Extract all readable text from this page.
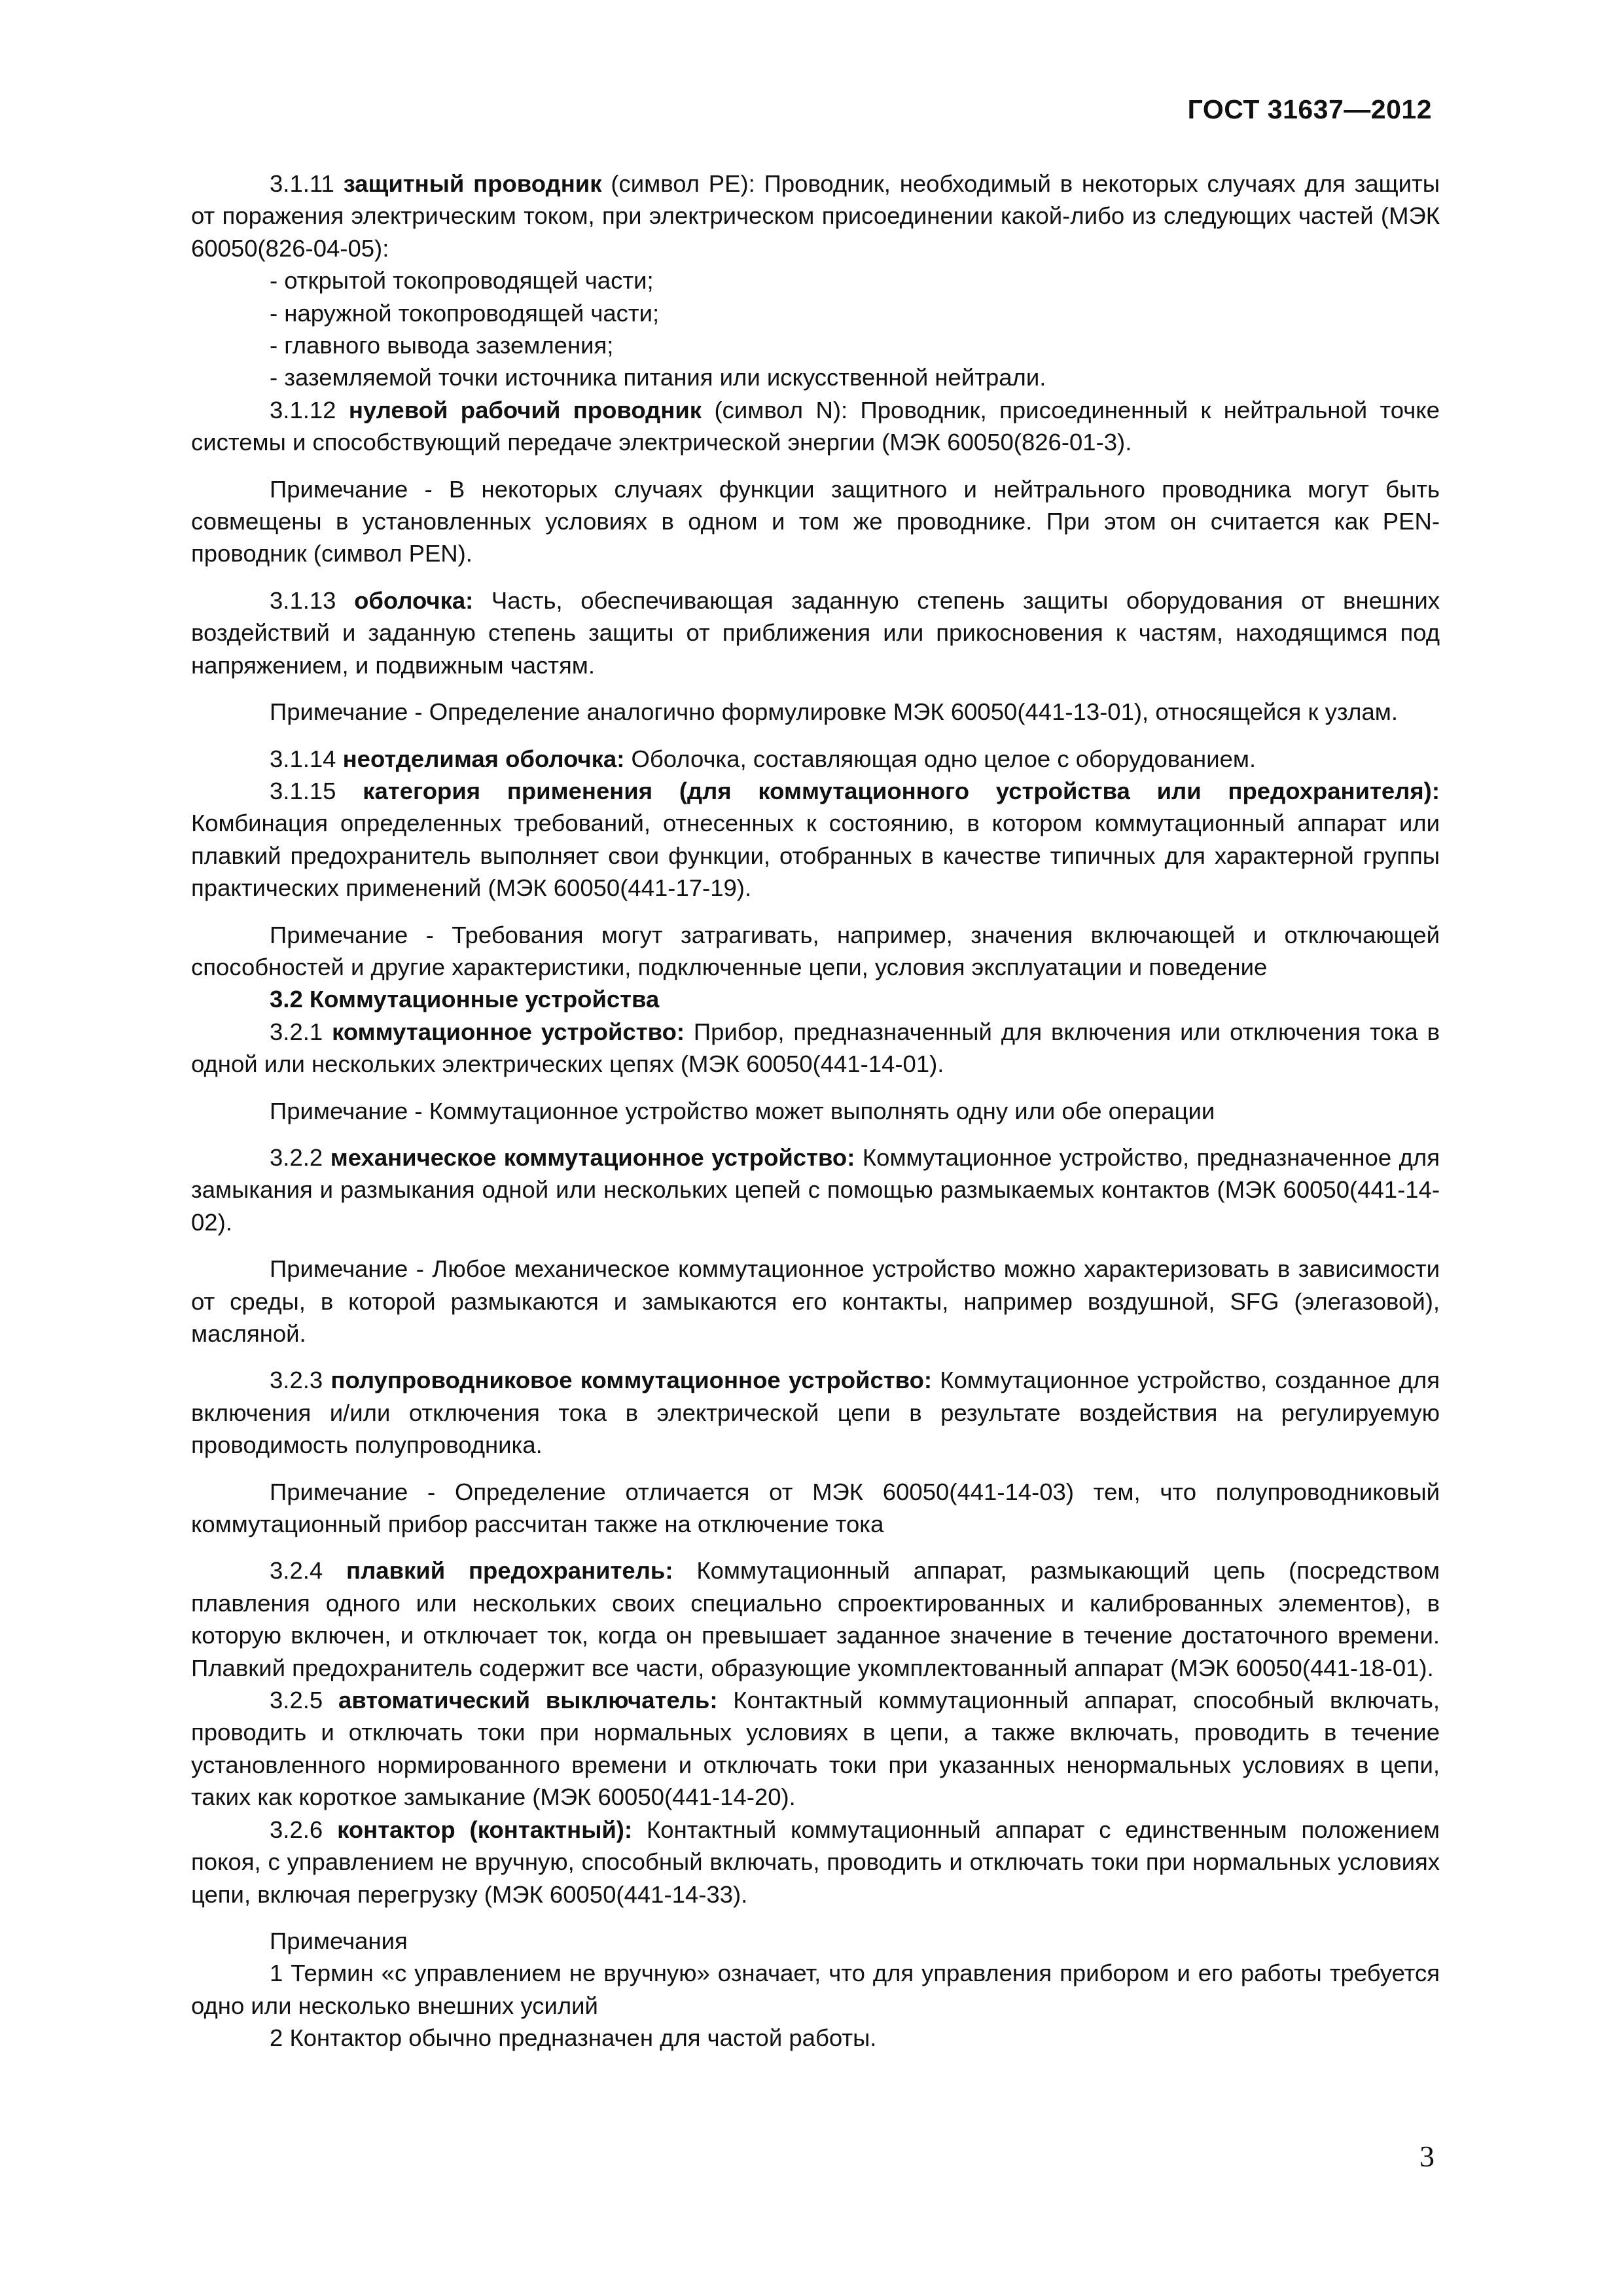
ГОСТ 31637—2012

3.1.11 защитный проводник (символ PE): Проводник, необходимый в некоторых случаях для защиты от поражения электрическим током, при электрическом присоединении какой-либо из следующих частей (МЭК 60050(826-04-05):

- открытой токопроводящей части;

- наружной токопроводящей части;

- главного вывода заземления;

- заземляемой точки источника питания или искусственной нейтрали.

3.1.12 нулевой рабочий проводник (символ N): Проводник, присоединенный к нейтральной точке системы и способствующий передаче электрической энергии (МЭК 60050(826-01-3).

Примечание - В некоторых случаях функции защитного и нейтрального проводника могут быть совмещены в установленных условиях в одном и том же проводнике. При этом он считается как PEN-проводник (символ PEN).

3.1.13 оболочка: Часть, обеспечивающая заданную степень защиты оборудования от внешних воздействий и заданную степень защиты от приближения или прикосновения к частям, находящимся под напряжением, и подвижным частям.

Примечание - Определение аналогично формулировке МЭК 60050(441-13-01), относящейся к узлам.

3.1.14 неотделимая оболочка: Оболочка, составляющая одно целое с оборудованием.

3.1.15 категория применения (для коммутационного устройства или предохранителя): Комбинация определенных требований, отнесенных к состоянию, в котором коммутационный аппарат или плавкий предохранитель выполняет свои функции, отобранных в качестве типичных для характерной группы практических применений (МЭК 60050(441-17-19).

Примечание - Требования могут затрагивать, например, значения включающей и отключающей способностей и другие характеристики, подключенные цепи, условия эксплуатации и поведение

3.2 Коммутационные устройства

3.2.1 коммутационное устройство: Прибор, предназначенный для включения или отключения тока в одной или нескольких электрических цепях (МЭК 60050(441-14-01).

Примечание - Коммутационное устройство может выполнять одну или обе операции

3.2.2 механическое коммутационное устройство: Коммутационное устройство, предназначенное для замыкания и размыкания одной или нескольких цепей с помощью размыкаемых контактов (МЭК 60050(441-14-02).

Примечание - Любое механическое коммутационное устройство можно характеризовать в зависимости от среды, в которой размыкаются и замыкаются его контакты, например воздушной, SFG (элегазовой), масляной.

3.2.3 полупроводниковое коммутационное устройство: Коммутационное устройство, созданное для включения и/или отключения тока в электрической цепи в результате воздействия на регулируемую проводимость полупроводника.

Примечание - Определение отличается от МЭК 60050(441-14-03) тем, что полупроводниковый коммутационный прибор рассчитан также на отключение тока

3.2.4 плавкий предохранитель: Коммутационный аппарат, размыкающий цепь (посредством плавления одного или нескольких своих специально спроектированных и калиброванных элементов), в которую включен, и отключает ток, когда он превышает заданное значение в течение достаточного времени. Плавкий предохранитель содержит все части, образующие укомплектованный аппарат (МЭК 60050(441-18-01).

3.2.5 автоматический выключатель: Контактный коммутационный аппарат, способный включать, проводить и отключать токи при нормальных условиях в цепи, а также включать, проводить в течение установленного нормированного времени и отключать токи при указанных ненормальных условиях в цепи, таких как короткое замыкание (МЭК 60050(441-14-20).

3.2.6 контактор (контактный): Контактный коммутационный аппарат с единственным положением покоя, с управлением не вручную, способный включать, проводить и отключать токи при нормальных условиях цепи, включая перегрузку (МЭК 60050(441-14-33).

Примечания

1 Термин «с управлением не вручную» означает, что для управления прибором и его работы требуется одно или несколько внешних усилий

2 Контактор обычно предназначен для частой работы.

3
